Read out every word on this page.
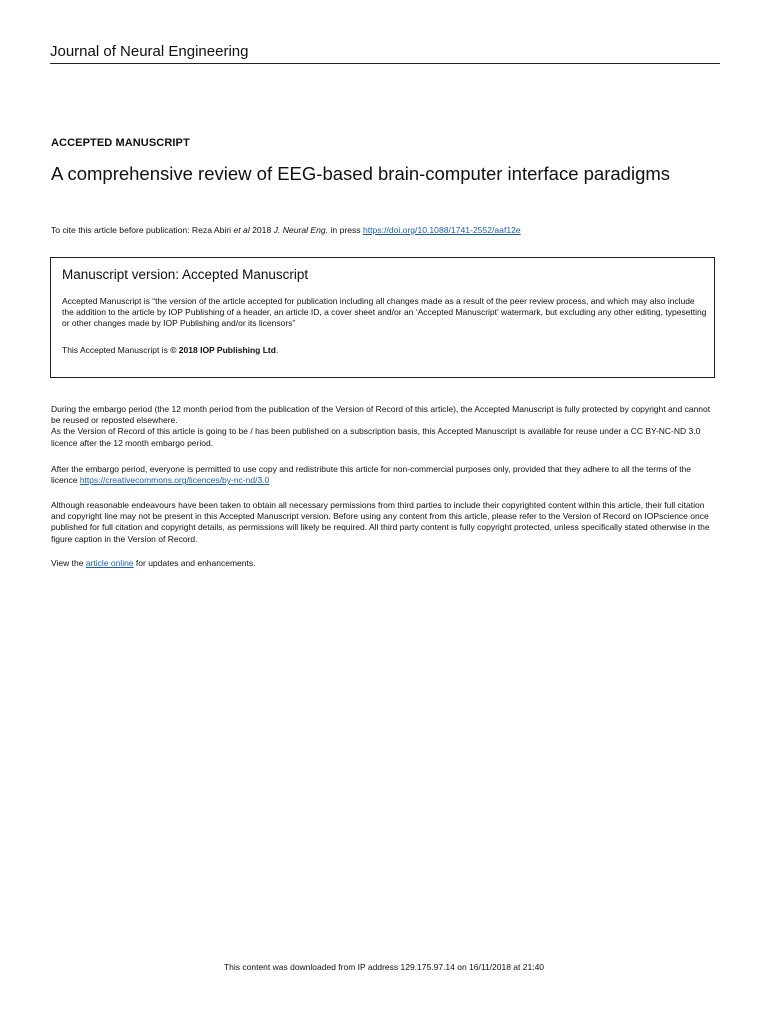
Journal of Neural Engineering
ACCEPTED MANUSCRIPT
A comprehensive review of EEG-based brain-computer interface paradigms
To cite this article before publication: Reza Abiri et al 2018 J. Neural Eng. in press https://doi.org/10.1088/1741-2552/aaf12e
Manuscript version: Accepted Manuscript
Accepted Manuscript is “the version of the article accepted for publication including all changes made as a result of the peer review process, and which may also include the addition to the article by IOP Publishing of a header, an article ID, a cover sheet and/or an ‘Accepted Manuscript’ watermark, but excluding any other editing, typesetting or other changes made by IOP Publishing and/or its licensors”
This Accepted Manuscript is © 2018 IOP Publishing Ltd.
During the embargo period (the 12 month period from the publication of the Version of Record of this article), the Accepted Manuscript is fully protected by copyright and cannot be reused or reposted elsewhere.
As the Version of Record of this article is going to be / has been published on a subscription basis, this Accepted Manuscript is available for reuse under a CC BY-NC-ND 3.0 licence after the 12 month embargo period.
After the embargo period, everyone is permitted to use copy and redistribute this article for non-commercial purposes only, provided that they adhere to all the terms of the licence https://creativecommons.org/licences/by-nc-nd/3.0
Although reasonable endeavours have been taken to obtain all necessary permissions from third parties to include their copyrighted content within this article, their full citation and copyright line may not be present in this Accepted Manuscript version. Before using any content from this article, please refer to the Version of Record on IOPscience once published for full citation and copyright details, as permissions will likely be required. All third party content is fully copyright protected, unless specifically stated otherwise in the figure caption in the Version of Record.
View the article online for updates and enhancements.
This content was downloaded from IP address 129.175.97.14 on 16/11/2018 at 21:40
